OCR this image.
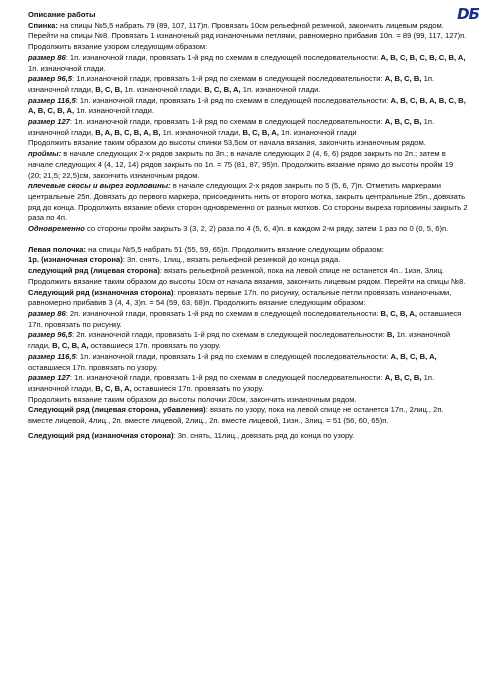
DБ

Описание работы

Спинка: на спицы №5,5 набрать 79 (89, 107, 117)п. Провязать 10см рельефной резинкой, закончить лицевым рядом. Перейти на спицы №8. Провязать 1 изнаночный ряд изнаночными петлями, равномерно прибавив 10п. = 89 (99, 117, 127)п. Продолжить вязание узором следующим образом:

размер 86: 1п. изнаночной глади, провязать 1-й ряд по схемам в следующей последовательности: A, B, C, B, C, B, C, B, A, 1п. изнаночной глади.

размер 96,5: 1п.изнаночной глади, провязать 1-й ряд по схемам в следующей последовательности: A, B, C, B, 1п. изнаночной глади, B, C, B, 1п. изнаночной глади, B, C, B, A, 1п. изнаночной глади.

размер 116,5: 1п. изнаночной глади, провязать 1-й ряд по схемам в следующей последовательности: A, B, C, B, A, B, C, B, A, B, C, B, A, 1п. изнаночной глади.

размер 127: 1п. изнаночной глади, провязать 1-й ряд по схемам в следующей последовательности: A, B, C, B, 1п. изнаночной глади, B, A, B, C, B, A, B, 1п. изнаночной глади, B, C, B, A, 1п. изнаночной глади

Продолжить вязание таким образом до высоты спинки 53,5см от начала вязания, закончить изнаночным рядом.

проймы: в начале следующих 2-х рядов закрыть по 3п.; в начале следующих 2 (4, 6, 6) рядов закрыть по 2п.; затем в начале следующих 4 (4, 12, 14) рядов закрыть по 1п. = 75 (81, 87, 95)п. Продолжить вязание прямо до высоты пройм 19 (20; 21,5; 22,5)см, закончить изнаночным рядом.

плечевые скосы и вырез горловины: в начале следующих 2-х рядов закрыть по 5 (5, 6, 7)п. Отметить маркерами центральные 25п. Довязать до первого маркера, присоединить нить от второго мотка, закрыть центральные 25п., довязать ряд до конца. Продолжить вязание обеих сторон одновременно от разных мотков. Со стороны выреза горловины закрыть 2 раза по 4п.

Одновременно со стороны пройм закрыть 3 (3, 2, 2) раза по 4 (5, 6, 4)п. в каждом 2-м ряду, затем 1 раз по 0 (0, 5, 6)п.

Левая полочка: на спицы №5,5 набрать 51 (55, 59, 65)п. Продолжить вязание следующим образом:

1р. (изнаночная сторона): 3п. снять, 1лиц., вязать рельефной резинкой до конца ряда.

следующий ряд (лицевая сторона): вязать рельефной резинкой, пока на левой спице не останется 4п.. 1изн, 3лиц. Продолжить вязание таким образом до высоты 10см от начала вязания, закончить лицевым рядом. Перейти на спицы №8.

Следующий ряд (изнаночная сторона): провязать первые 17п. по рисунку, остальные петли провязать изнаночными, равномерно прибавив 3 (4, 4, 3)п. = 54 (59, 63, 68)п. Продолжить вязание следующим образом:

размер 86: 2п. изнаночной глади, провязать 1-й ряд по схемам в следующей последовательности: B, C, B, A, оставшиеся 17п. провязать по рисунку.

размер 96,5: 2п. изнаночной глади, провязать 1-й ряд по схемам в следующей последовательности: B, 1п. изнаночной глади, B, C, B, A, оставшиеся 17п. провязать по узору.

размер 116,5: 1п. изнаночной глади, провязать 1-й ряд по схемам в следующей последовательности: A, B, C, B, A, оставшиеся 17п. провязать по узору.

размер 127: 1п. изнаночной глади, провязать 1-й ряд по схемам в следующей последовательности: A, B, C, B, 1п. изнаночной глади, B, C, B, A, оставшиеся 17п. провязать по узору.

Продолжить вязание таким образом до высоты полочки 20см, закончить изнаночным рядом.

Следующий ряд (лицевая сторона, убавления): вязать по узору, пока на левой спице не останется 17п., 2лиц., 2п. вместе лицевой, 4лиц., 2п. вместе лицевой, 2лиц., 2п. вместе лицевой, 1изн., 3лиц. = 51 (56, 60, 65)п.

Следующий ряд (изнаночная сторона): 3п. снять, 11лиц., довязать ряд до конца по узору.
